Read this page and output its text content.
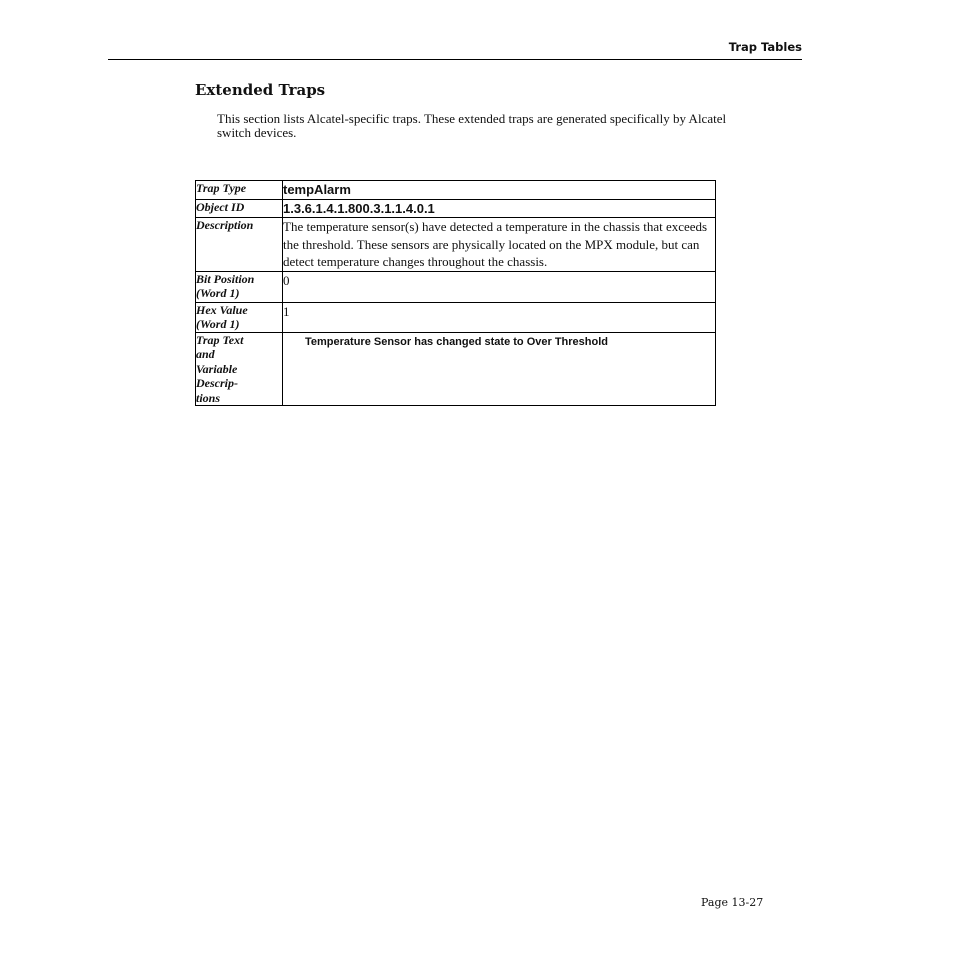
Trap Tables
Extended Traps

This section lists Alcatel-specific traps. These extended traps are generated specifically by Alcatel switch devices.

Trap Type	tempAlarm
Object ID	1.3.6.1.4.1.800.3.1.1.4.0.1
Description	The temperature sensor(s) have detected a temperature in the chassis that exceeds the threshold. These sensors are physically located on the MPX module, but can detect temperature changes throughout the chassis.

Bit Position
(Word 1)	0

Hex Value
(Word 1)	1

Trap Text
and
Variable
Descrip-
tions	Temperature Sensor has changed state to Over Threshold
Page 13-27
